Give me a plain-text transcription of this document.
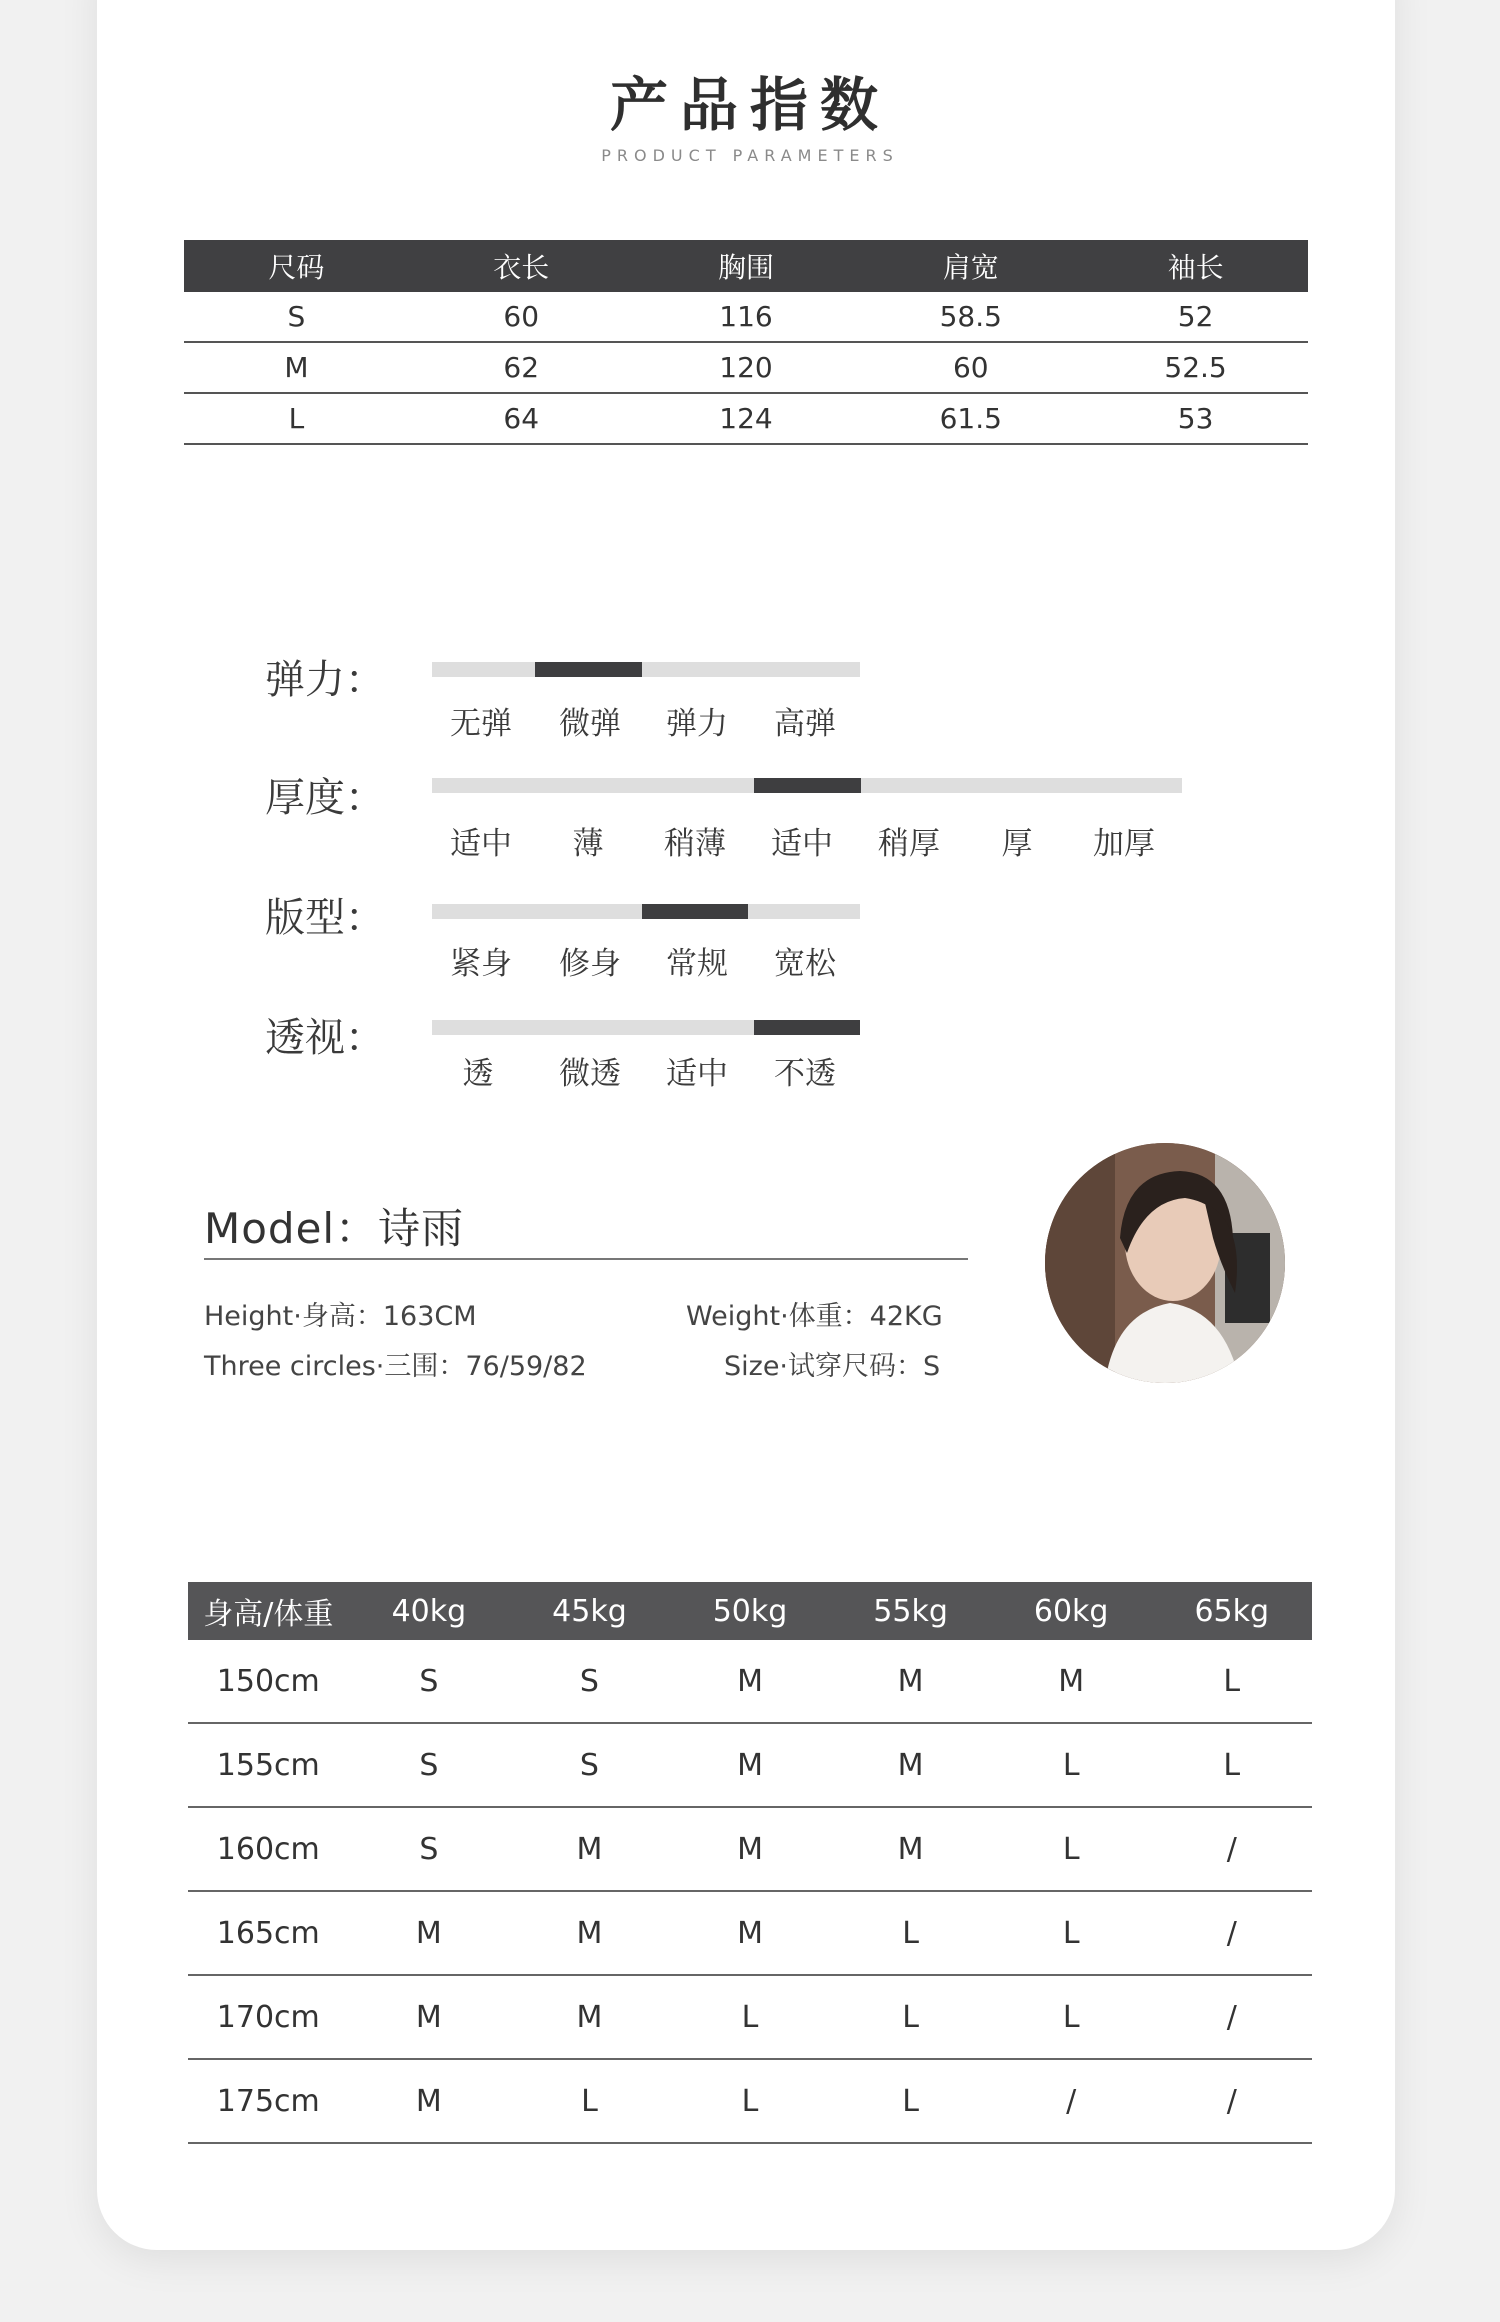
产品指数
PRODUCT PARAMETERS
尺码	衣长	胸围	肩宽	袖长
S	60	116	58.5	52
M	62	120	60	52.5
L	64	124	61.5	53
弹力：
无弹	微弹	弹力	高弹
厚度：
适中	薄	稍薄	适中	稍厚	厚	加厚
版型：
紧身	修身	常规	宽松
透视：
透	微透	适中	不透
Model：诗雨
Height·身高：163CM	Weight·体重：42KG
Three circles·三围：76/59/82	Size·试穿尺码：S
身高/体重	40kg	45kg	50kg	55kg	60kg	65kg
150cm	S	S	M	M	M	L
155cm	S	S	M	M	L	L
160cm	S	M	M	M	L	/
165cm	M	M	M	L	L	/
170cm	M	M	L	L	L	/
175cm	M	L	L	L	/	/
